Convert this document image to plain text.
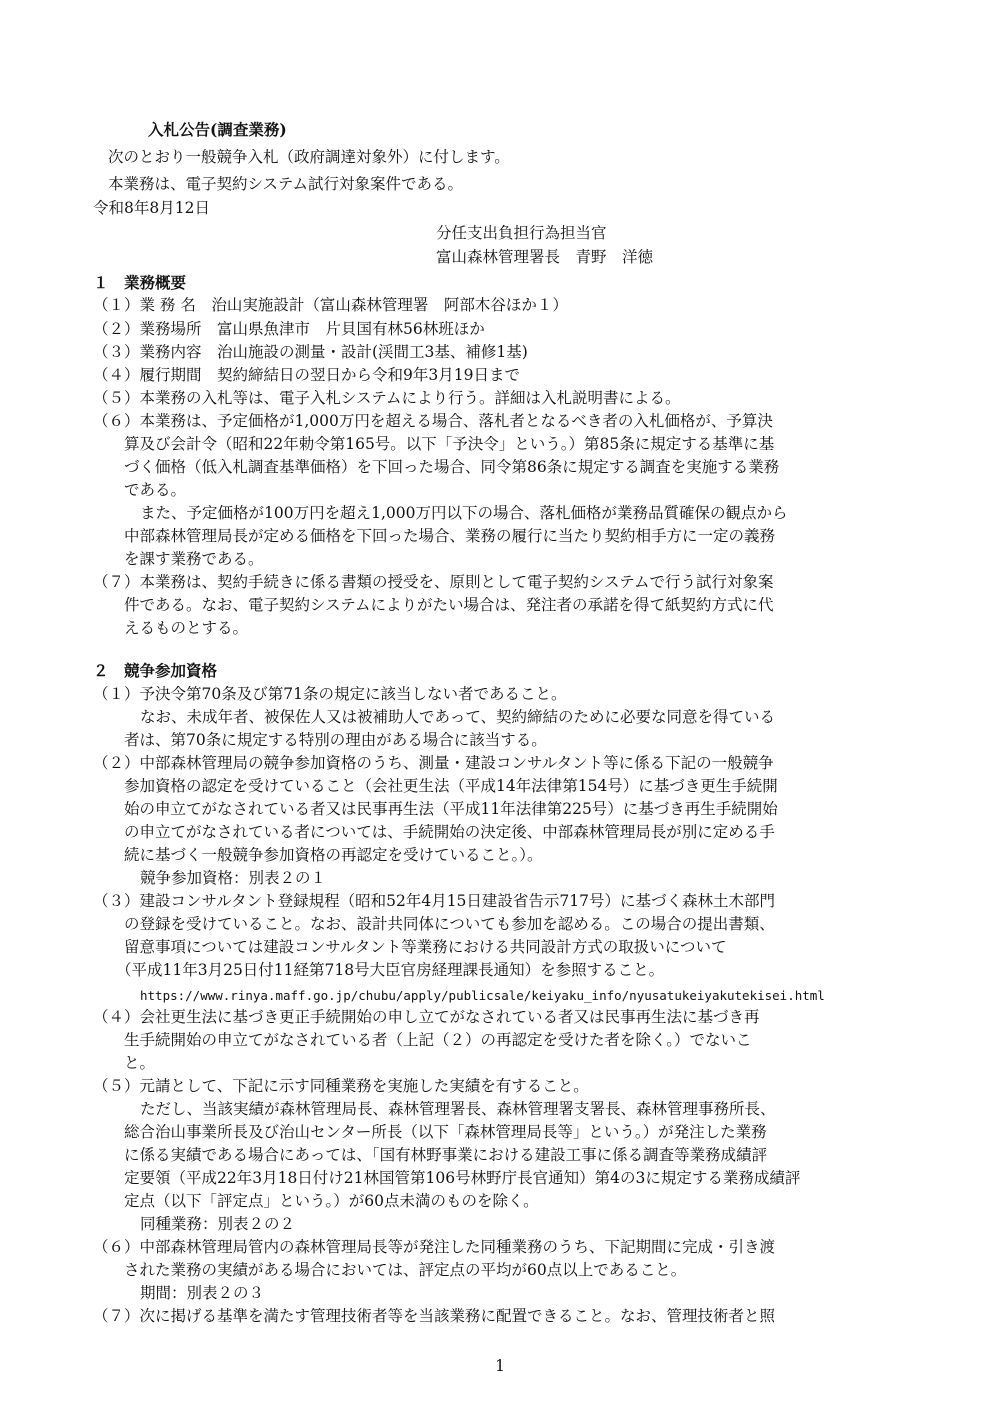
入札公告(調査業務)
次のとおり一般競争入札（政府調達対象外）に付します。
本業務は、電子契約システム試行対象案件である。
令和8年8月12日
分任支出負担行為担当官
富山森林管理署長　青野　洋徳
１　業務概要
（１）業 務 名　治山実施設計（富山森林管理署　阿部木谷ほか１）
（２）業務場所　富山県魚津市　片貝国有林56林班ほか
（３）業務内容　治山施設の測量・設計(渓間工3基、補修1基)
（４）履行期間　契約締結日の翌日から令和9年3月19日まで
（５）本業務の入札等は、電子入札システムにより行う。詳細は入札説明書による。
（６）本業務は、予定価格が1,000万円を超える場合、落札者となるべき者の入札価格が、予算決
算及び会計令（昭和22年勅令第165号。以下「予決令」という。）第85条に規定する基準に基
づく価格（低入札調査基準価格）を下回った場合、同令第86条に規定する調査を実施する業務
である。
また、予定価格が100万円を超え1,000万円以下の場合、落札価格が業務品質確保の観点から
中部森林管理局長が定める価格を下回った場合、業務の履行に当たり契約相手方に一定の義務
を課す業務である。
（７）本業務は、契約手続きに係る書類の授受を、原則として電子契約システムで行う試行対象案
件である。なお、電子契約システムによりがたい場合は、発注者の承諾を得て紙契約方式に代
えるものとする。
２　競争参加資格
（１）予決令第70条及び第71条の規定に該当しない者であること。
なお、未成年者、被保佐人又は被補助人であって、契約締結のために必要な同意を得ている
者は、第70条に規定する特別の理由がある場合に該当する。
（２）中部森林管理局の競争参加資格のうち、測量・建設コンサルタント等に係る下記の一般競争
参加資格の認定を受けていること（会社更生法（平成14年法律第154号）に基づき更生手続開
始の申立てがなされている者又は民事再生法（平成11年法律第225号）に基づき再生手続開始
の申立てがなされている者については、手続開始の決定後、中部森林管理局長が別に定める手
続に基づく一般競争参加資格の再認定を受けていること。）。
競争参加資格：別表２の１
（３）建設コンサルタント登録規程（昭和52年4月15日建設省告示717号）に基づく森林土木部門
の登録を受けていること。なお、設計共同体についても参加を認める。この場合の提出書類、
留意事項については建設コンサルタント等業務における共同設計方式の取扱いについて
（平成11年3月25日付11経第718号大臣官房経理課長通知）を参照すること。
https://www.rinya.maff.go.jp/chubu/apply/publicsale/keiyaku_info/nyusatukeiyakutekisei.html
（４）会社更生法に基づき更正手続開始の申し立てがなされている者又は民事再生法に基づき再
生手続開始の申立てがなされている者（上記（２）の再認定を受けた者を除く。）でないこ
と。
（５）元請として、下記に示す同種業務を実施した実績を有すること。
ただし、当該実績が森林管理局長、森林管理署長、森林管理署支署長、森林管理事務所長、
総合治山事業所長及び治山センター所長（以下「森林管理局長等」という。）が発注した業務
に係る実績である場合にあっては、「国有林野事業における建設工事に係る調査等業務成績評
定要領（平成22年3月18日付け21林国管第106号林野庁長官通知）第4の3に規定する業務成績評
定点（以下「評定点」という。）が60点未満のものを除く。
同種業務：別表２の２
（６）中部森林管理局管内の森林管理局長等が発注した同種業務のうち、下記期間に完成・引き渡
された業務の実績がある場合においては、評定点の平均が60点以上であること。
期間：別表２の３
（７）次に掲げる基準を満たす管理技術者等を当該業務に配置できること。なお、管理技術者と照
1
